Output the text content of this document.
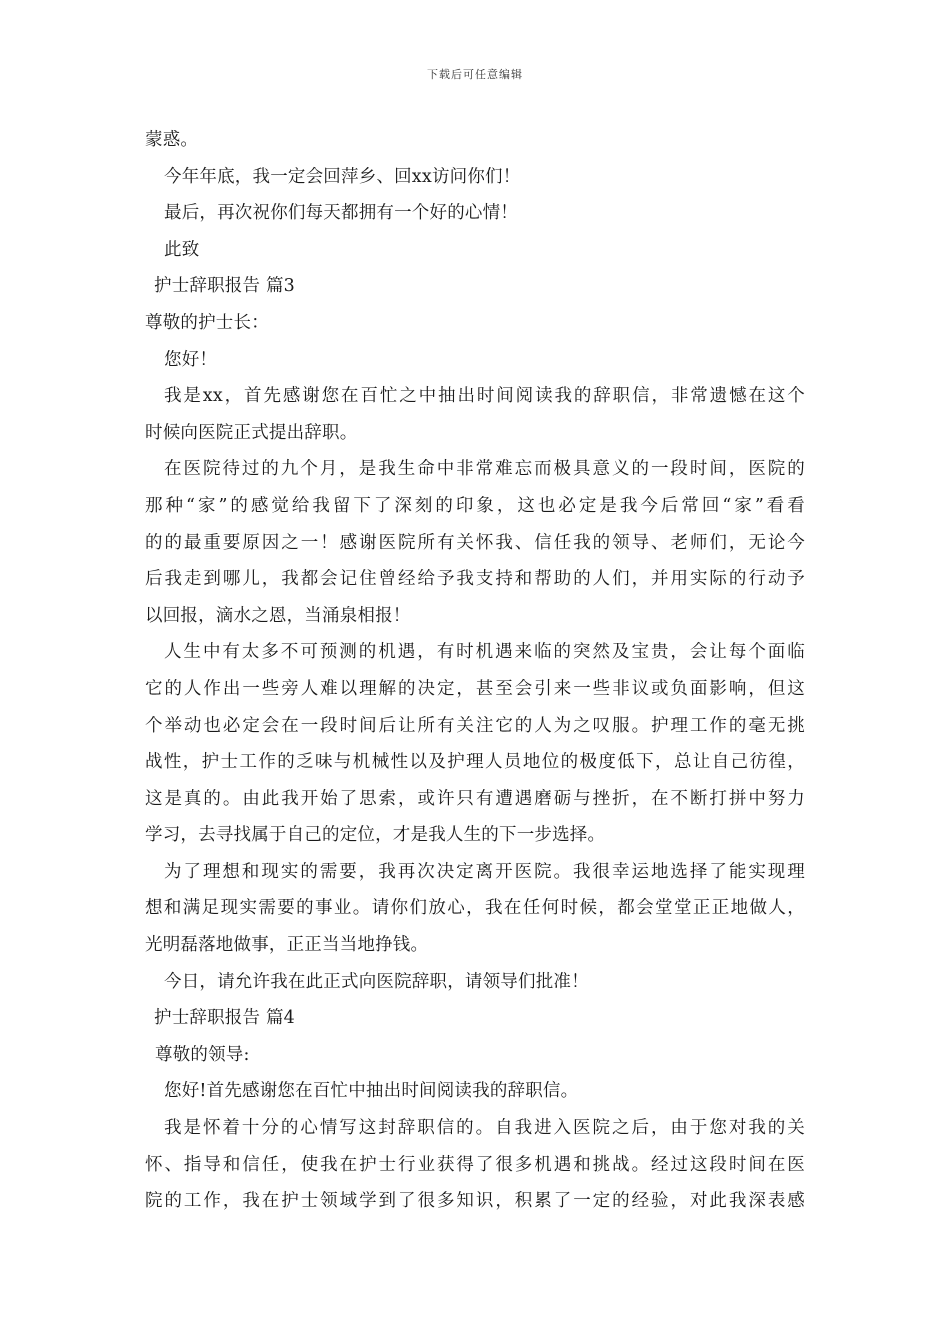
下载后可任意编辑
蒙惑。
今年年底，我一定会回萍乡、回xx访问你们！
最后，再次祝你们每天都拥有一个好的心情！
此致
护士辞职报告 篇3
尊敬的护士长：
您好！
我是xx，首先感谢您在百忙之中抽出时间阅读我的辞职信，非常遗憾在这个
时候向医院正式提出辞职。
在医院待过的九个月，是我生命中非常难忘而极具意义的一段时间，医院的
那种“家”的感觉给我留下了深刻的印象，这也必定是我今后常回“家”看看
的的最重要原因之一！感谢医院所有关怀我、信任我的领导、老师们，无论今
后我走到哪儿，我都会记住曾经给予我支持和帮助的人们，并用实际的行动予
以回报，滴水之恩，当涌泉相报！
人生中有太多不可预测的机遇，有时机遇来临的突然及宝贵，会让每个面临
它的人作出一些旁人难以理解的决定，甚至会引来一些非议或负面影响，但这
个举动也必定会在一段时间后让所有关注它的人为之叹服。护理工作的毫无挑
战性，护士工作的乏味与机械性以及护理人员地位的极度低下，总让自己彷徨，
这是真的。由此我开始了思索，或许只有遭遇磨砺与挫折，在不断打拼中努力
学习，去寻找属于自己的定位，才是我人生的下一步选择。
为了理想和现实的需要，我再次决定离开医院。我很幸运地选择了能实现理
想和满足现实需要的事业。请你们放心，我在任何时候，都会堂堂正正地做人，
光明磊落地做事，正正当当地挣钱。
今日，请允许我在此正式向医院辞职，请领导们批准！
护士辞职报告 篇4
尊敬的领导:
您好!首先感谢您在百忙中抽出时间阅读我的辞职信。
我是怀着十分的心情写这封辞职信的。自我进入医院之后，由于您对我的关
怀、指导和信任，使我在护士行业获得了很多机遇和挑战。经过这段时间在医
院的工作，我在护士领域学到了很多知识，积累了一定的经验，对此我深表感
